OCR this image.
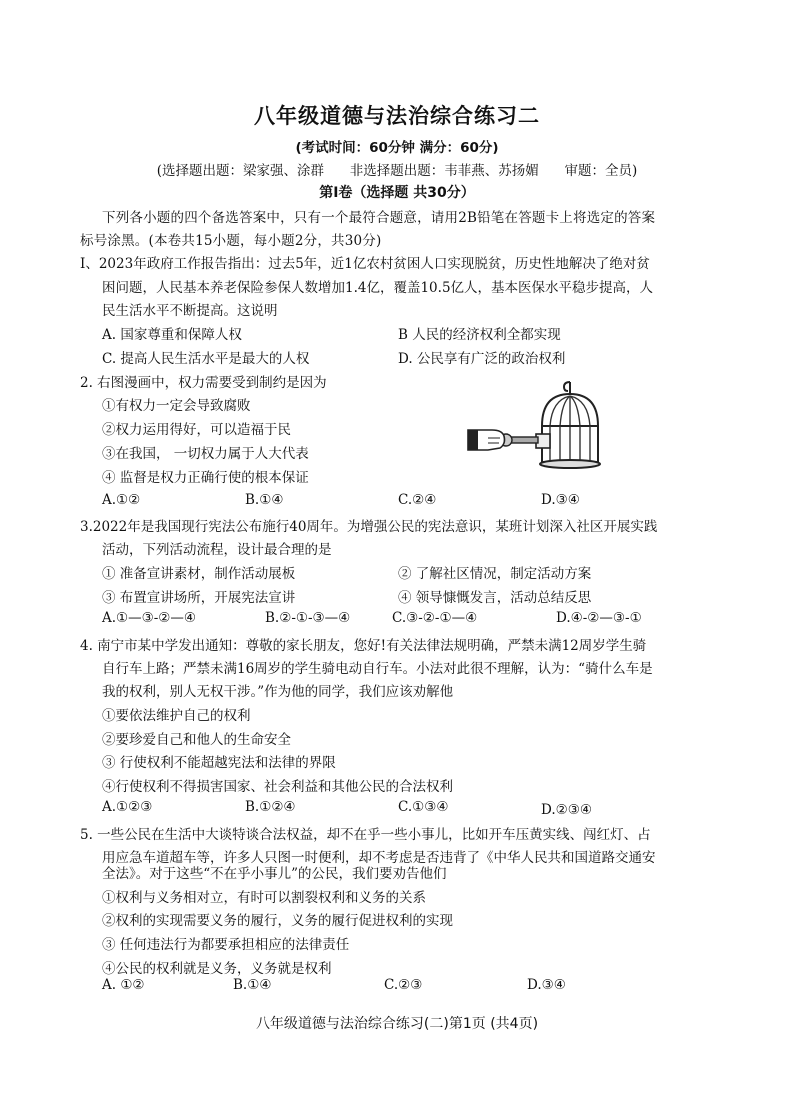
八年级道德与法治综合练习二
(考试时间：60分钟 满分：60分)
(选择题出题：梁家强、涂群      非选择题出题：韦菲燕、苏扬媚      审题：全员)
第Ⅰ卷（选择题 共30分）
下列各小题的四个备选答案中，只有一个最符合题意，请用2B铅笔在答题卡上将选定的答案
标号涂黑。(本卷共15小题，每小题2分，共30分)
I、2023年政府工作报告指出：过去5年，近1亿农村贫困人口实现脱贫，历史性地解决了绝对贫
困问题，人民基本养老保险参保人数增加1.4亿，覆盖10.5亿人，基本医保水平稳步提高，人
民生活水平不断提高。这说明
A. 国家尊重和保障人权	B 人民的经济权利全都实现
C. 提高人民生活水平是最大的人权	D. 公民享有广泛的政治权利
2. 右图漫画中，权力需要受到制约是因为
①有权力一定会导致腐败
②权力运用得好，可以造福于民
③在我国， 一切权力属于人大代表
④ 监督是权力正确行使的根本保证
A.①②	B.①④	C.②④	D.③④
3.2022年是我国现行宪法公布施行40周年。为增强公民的宪法意识，某班计划深入社区开展实践
活动，下列活动流程，设计最合理的是
① 准备宣讲素材，制作活动展板	② 了解社区情况，制定活动方案
③ 布置宣讲场所，开展宪法宣讲	④ 领导慷慨发言，活动总结反思
A.①—③-②—④	B.②-①-③—④	C.③-②-①—④	D.④-②—③-①
4. 南宁市某中学发出通知：尊敬的家长朋友，您好!有关法律法规明确，严禁未满12周岁学生骑
自行车上路；严禁未满16周岁的学生骑电动自行车。小法对此很不理解，认为：“骑什么车是
我的权利，别人无权干涉。”作为他的同学，我们应该劝解他
①要依法维护自己的权利
②要珍爱自己和他人的生命安全
③ 行使权利不能超越宪法和法律的界限
④行使权利不得损害国家、社会利益和其他公民的合法权利
A.①②③	B.①②④	C.①③④	D.②③④
5. 一些公民在生活中大谈特谈合法权益，却不在乎一些小事儿，比如开车压黄实线、闯红灯、占
用应急车道超车等，许多人只图一时便利，却不考虑是否违背了《中华人民共和国道路交通安
全法》。对于这些“不在乎小事儿”的公民，我们要劝告他们
①权利与义务相对立，有时可以割裂权利和义务的关系
②权利的实现需要义务的履行，义务的履行促进权利的实现
③ 任何违法行为都要承担相应的法律责任
④公民的权利就是义务，义务就是权利
A. ①②	B.①④	C.②③	D.③④
八年级道德与法治综合练习(二)第1页 (共4页)
